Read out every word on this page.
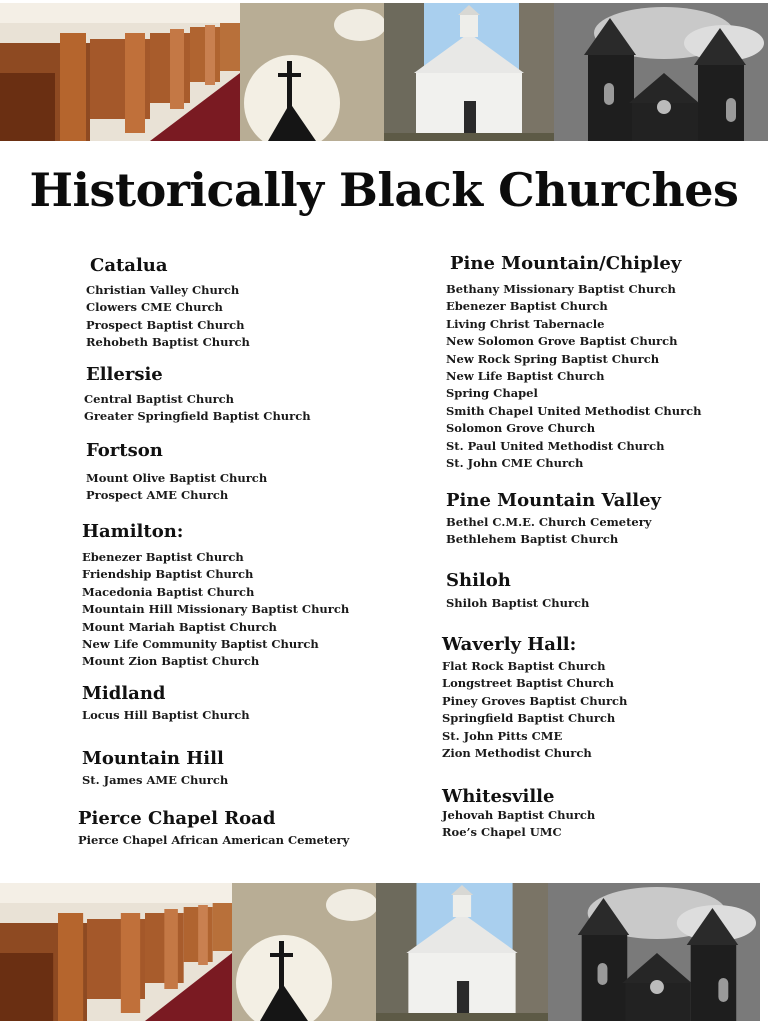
Historically Black Churches
Catalua
Christian Valley Church
Clowers CME Church
Prospect Baptist Church
Rehobeth Baptist Church
Ellersie
Central Baptist Church
Greater Springfield Baptist Church
Fortson
Mount Olive Baptist Church
Prospect AME Church
Hamilton:
Ebenezer Baptist Church
Friendship Baptist Church
Macedonia Baptist Church
Mountain Hill Missionary Baptist Church
Mount Mariah Baptist Church
New Life Community Baptist Church
Mount Zion Baptist Church
Midland
Locus Hill Baptist Church
Mountain Hill
St. James AME Church
Pierce Chapel Road
Pierce Chapel African American Cemetery
Pine Mountain/Chipley
Bethany Missionary Baptist Church
Ebenezer Baptist Church
Living Christ Tabernacle
New Solomon Grove Baptist Church
New Rock Spring Baptist Church
New Life Baptist Church
Spring Chapel
Smith Chapel United Methodist Church
Solomon Grove Church
St. Paul United Methodist Church
St. John CME Church
Pine Mountain Valley
Bethel C.M.E. Church Cemetery
Bethlehem Baptist Church
Shiloh
Shiloh Baptist Church
Waverly Hall:
Flat Rock Baptist Church
Longstreet Baptist Church
Piney Groves Baptist Church
Springfield Baptist Church
St. John Pitts CME
Zion Methodist Church
Whitesville
Jehovah Baptist Church
Roe’s Chapel UMC
